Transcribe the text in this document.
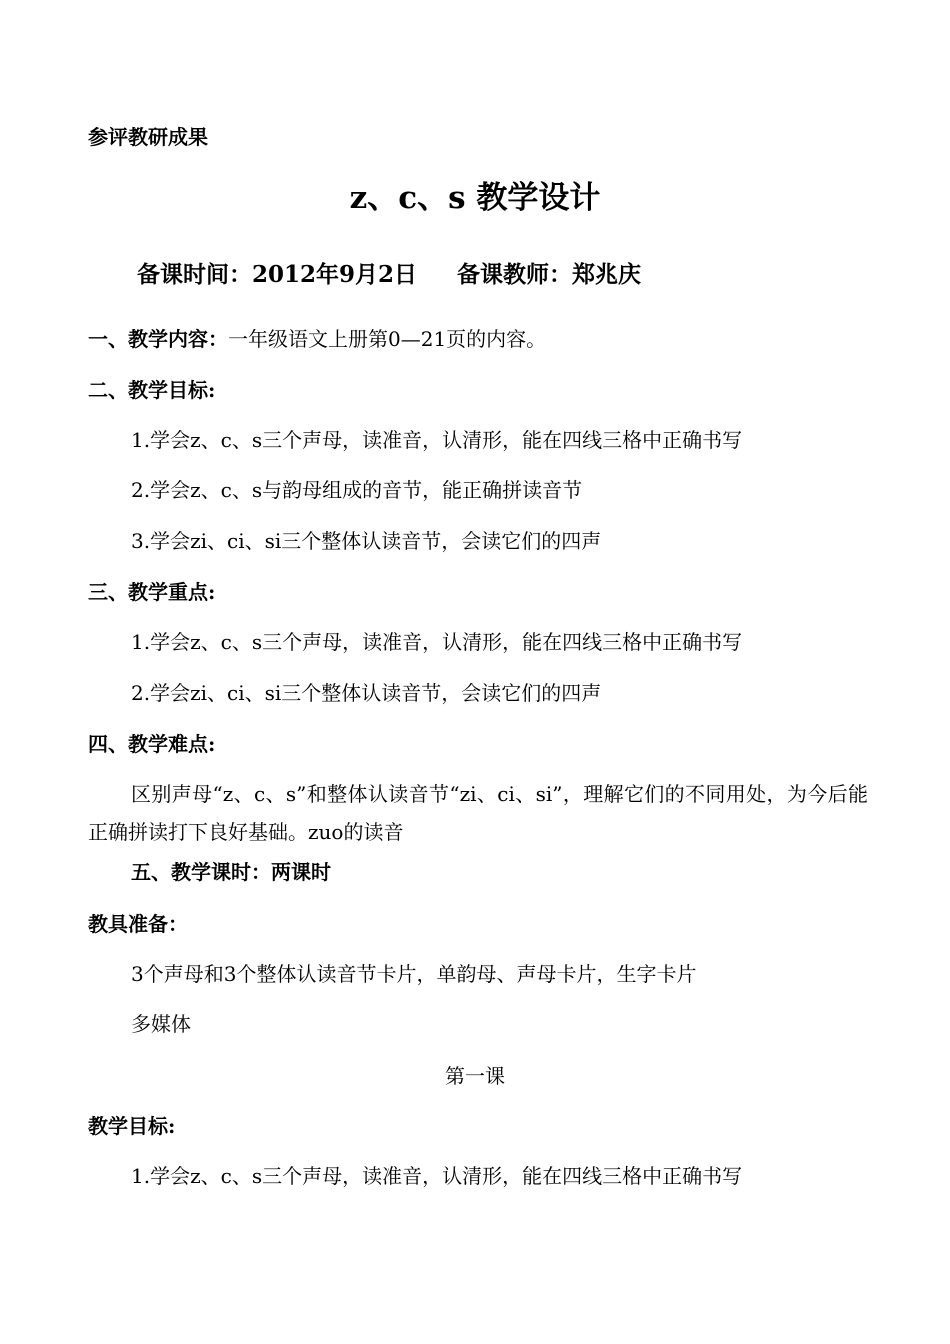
参评教研成果
z、c、s 教学设计
备课时间：2012年9月2日 备课教师：郑兆庆
一、教学内容：一年级语文上册第0—21页的内容。
二、教学目标:
1.学会z、c、s三个声母，读准音，认清形，能在四线三格中正确书写
2.学会z、c、s与韵母组成的音节，能正确拼读音节
3.学会zi、ci、si三个整体认读音节，会读它们的四声
三、教学重点:
1.学会z、c、s三个声母，读准音，认清形，能在四线三格中正确书写
2.学会zi、ci、si三个整体认读音节，会读它们的四声
四、教学难点:
区别声母“z、c、s”和整体认读音节“zi、ci、si”，理解它们的不同用处，为今后能正确拼读打下良好基础。zuo的读音
五、教学课时：两课时
教具准备：
3个声母和3个整体认读音节卡片，单韵母、声母卡片，生字卡片
多媒体
第一课
教学目标:
1.学会z、c、s三个声母，读准音，认清形，能在四线三格中正确书写
